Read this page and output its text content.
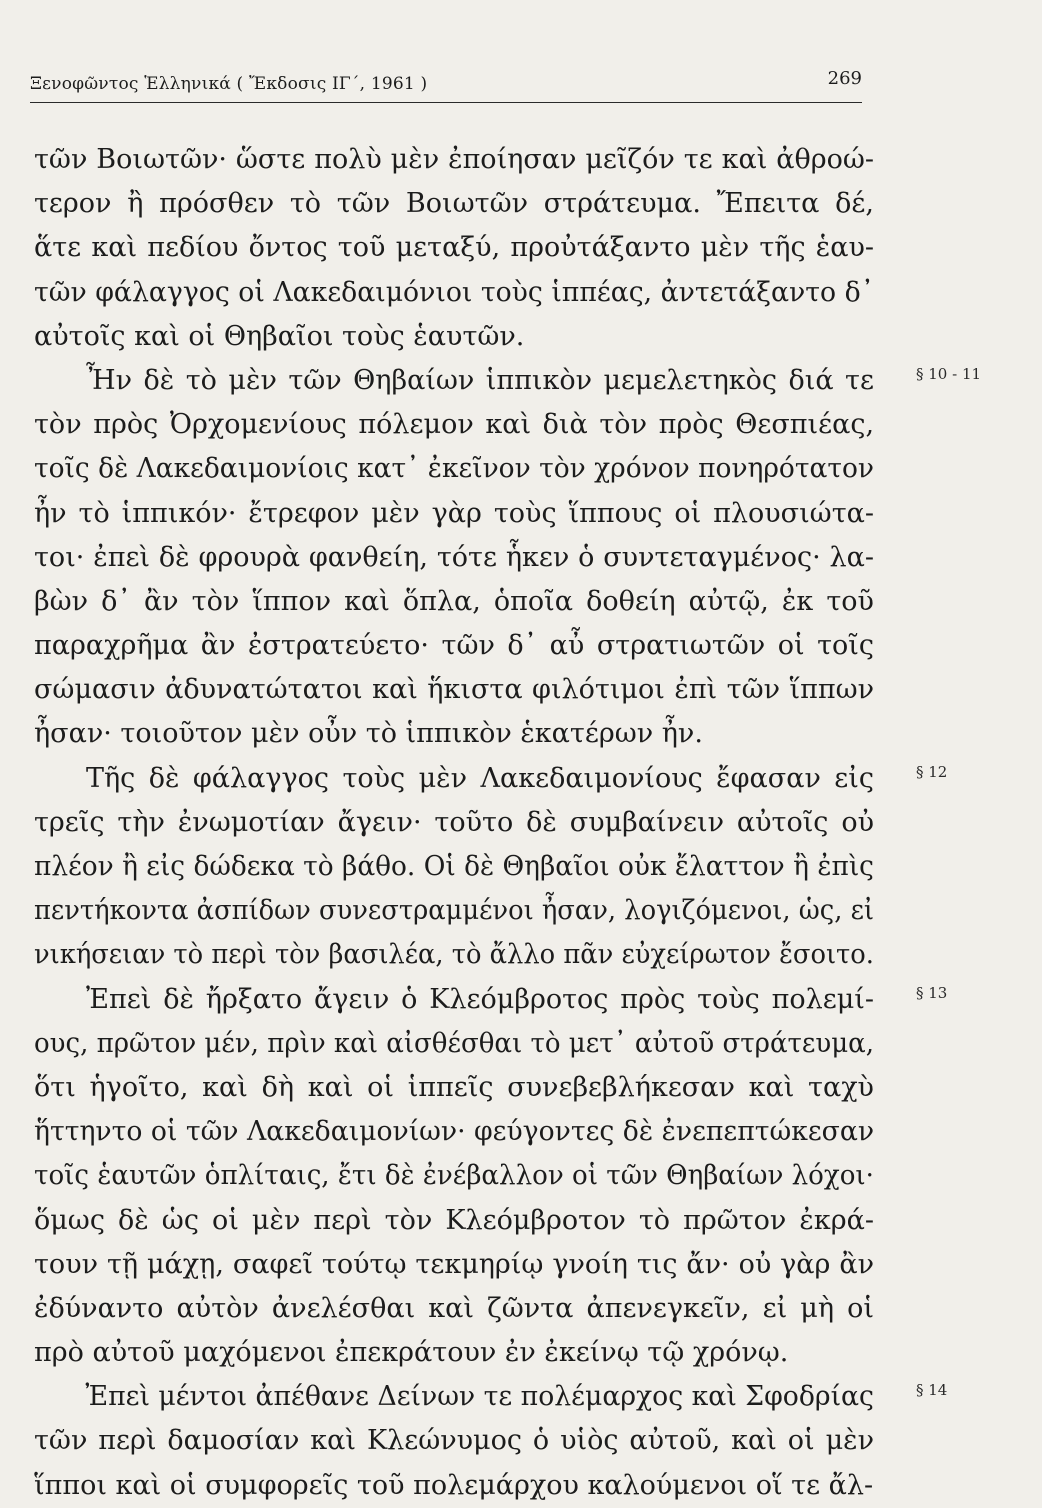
Ξενοφῶντος Ἑλληνικά ( Ἔκδοσις ΙΓ΄, 1961 )	269
τῶν Βοιωτῶν· ὥστε πολὺ μὲν ἐποίησαν μεῖζόν τε καὶ ἀθροώ-
τερον ἢ πρόσθεν τὸ τῶν Βοιωτῶν στράτευμα. Ἔπειτα δέ,
ἅτε καὶ πεδίου ὄντος τοῦ μεταξύ, προὐτάξαντο μὲν τῆς ἑαυ-
τῶν φάλαγγος οἱ Λακεδαιμόνιοι τοὺς ἱππέας, ἀντετάξαντο δ᾽
αὐτοῖς καὶ οἱ Θηβαῖοι τοὺς ἑαυτῶν.
Ἦν δὲ τὸ μὲν τῶν Θηβαίων ἱππικὸν μεμελετηκὸς διά τε	§ 10 - 11
τὸν πρὸς Ὀρχομενίους πόλεμον καὶ διὰ τὸν πρὸς Θεσπιέας,
τοῖς δὲ Λακεδαιμονίοις κατ᾽ ἐκεῖνον τὸν χρόνον πονηρότατον
ἦν τὸ ἱππικόν· ἔτρεφον μὲν γὰρ τοὺς ἵππους οἱ πλουσιώτα-
τοι· ἐπεὶ δὲ φρουρὰ φανθείη, τότε ἧκεν ὁ συντεταγμένος· λα-
βὼν δ᾽ ἂν τὸν ἵππον καὶ ὅπλα, ὁποῖα δοθείη αὐτῷ, ἐκ τοῦ
παραχρῆμα ἂν ἐστρατεύετο· τῶν δ᾽ αὖ στρατιωτῶν οἱ τοῖς
σώμασιν ἀδυνατώτατοι καὶ ἥκιστα φιλότιμοι ἐπὶ τῶν ἵππων
ἦσαν· τοιοῦτον μὲν οὖν τὸ ἱππικὸν ἑκατέρων ἦν.
Τῆς δὲ φάλαγγος τοὺς μὲν Λακεδαιμονίους ἔφασαν εἰς	§ 12
τρεῖς τὴν ἐνωμοτίαν ἄγειν· τοῦτο δὲ συμβαίνειν αὐτοῖς οὐ
πλέον ἢ εἰς δώδεκα τὸ βάθο. Οἱ δὲ Θηβαῖοι οὐκ ἔλαττον ἢ ἐπὶς
πεντήκοντα ἀσπίδων συνεστραμμένοι ἦσαν, λογιζόμενοι, ὡς, εἰ
νικήσειαν τὸ περὶ τὸν βασιλέα, τὸ ἄλλο πᾶν εὐχείρωτον ἔσοιτο.
Ἐπεὶ δὲ ἤρξατο ἄγειν ὁ Κλεόμβροτος πρὸς τοὺς πολεμί-	§ 13
ους, πρῶτον μέν, πρὶν καὶ αἰσθέσθαι τὸ μετ᾽ αὐτοῦ στράτευμα,
ὅτι ἡγοῖτο, καὶ δὴ καὶ οἱ ἱππεῖς συνεβεβλήκεσαν καὶ ταχὺ
ἥττηντο οἱ τῶν Λακεδαιμονίων· φεύγοντες δὲ ἐνεπεπτώκεσαν
τοῖς ἑαυτῶν ὁπλίταις, ἔτι δὲ ἐνέβαλλον οἱ τῶν Θηβαίων λόχοι·
ὅμως δὲ ὡς οἱ μὲν περὶ τὸν Κλεόμβροτον τὸ πρῶτον ἐκρά-
τουν τῇ μάχῃ, σαφεῖ τούτῳ τεκμηρίῳ γνοίη τις ἄν· οὐ γὰρ ἂν
ἐδύναντο αὐτὸν ἀνελέσθαι καὶ ζῶντα ἀπενεγκεῖν, εἰ μὴ οἱ
πρὸ αὐτοῦ μαχόμενοι ἐπεκράτουν ἐν ἐκείνῳ τῷ χρόνῳ.
Ἐπεὶ μέντοι ἀπέθανε Δείνων τε πολέμαρχος καὶ Σφοδρίας	§ 14
τῶν περὶ δαμοσίαν καὶ Κλεώνυμος ὁ υἱὸς αὐτοῦ, καὶ οἱ μὲν
ἵπποι καὶ οἱ συμφορεῖς τοῦ πολεμάρχου καλούμενοι οἵ τε ἄλ-
